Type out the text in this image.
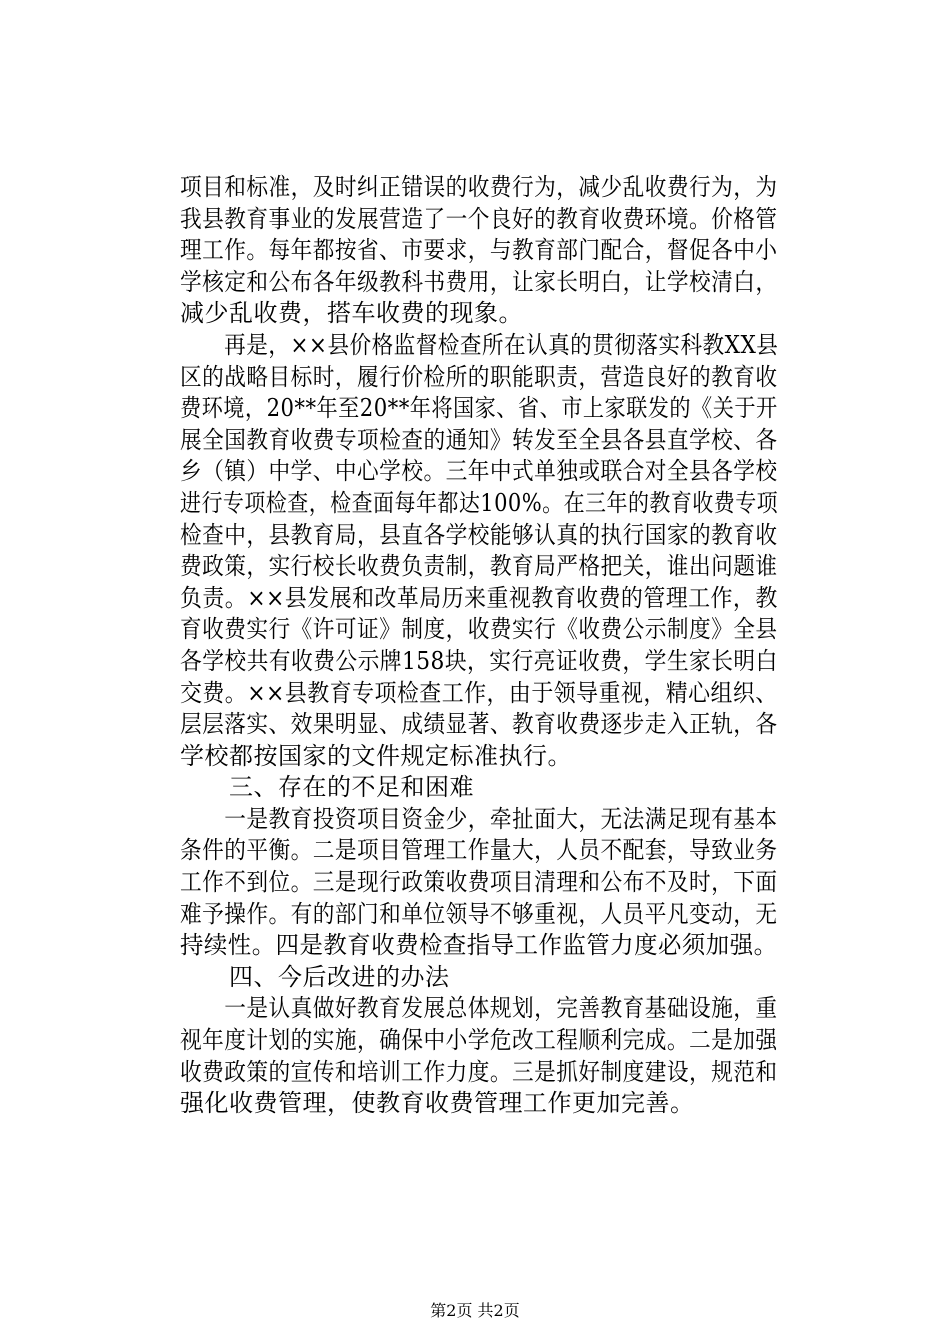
项目和标准，及时纠正错误的收费行为，减少乱收费行为，为
我县教育事业的发展营造了一个良好的教育收费环境。价格管
理工作。每年都按省、市要求，与教育部门配合，督促各中小
学核定和公布各年级教科书费用，让家长明白，让学校清白，
减少乱收费，搭车收费的现象。
　　再是，××县价格监督检查所在认真的贯彻落实科教XX县
区的战略目标时，履行价检所的职能职责，营造良好的教育收
费环境，20**年至20**年将国家、省、市上家联发的《关于开
展全国教育收费专项检查的通知》转发至全县各县直学校、各
乡（镇）中学、中心学校。三年中式单独或联合对全县各学校
进行专项检查，检查面每年都达100%。在三年的教育收费专项
检查中，县教育局，县直各学校能够认真的执行国家的教育收
费政策，实行校长收费负责制，教育局严格把关，谁出问题谁
负责。××县发展和改革局历来重视教育收费的管理工作，教
育收费实行《许可证》制度，收费实行《收费公示制度》全县
各学校共有收费公示牌158块，实行亮证收费，学生家长明白
交费。××县教育专项检查工作，由于领导重视，精心组织、
层层落实、效果明显、成绩显著、教育收费逐步走入正轨，各
学校都按国家的文件规定标准执行。
　　三、存在的不足和困难
　　一是教育投资项目资金少，牵扯面大，无法满足现有基本
条件的平衡。二是项目管理工作量大，人员不配套，导致业务
工作不到位。三是现行政策收费项目清理和公布不及时，下面
难予操作。有的部门和单位领导不够重视，人员平凡变动，无
持续性。四是教育收费检查指导工作监管力度必须加强。
　　四、今后改进的办法
　　一是认真做好教育发展总体规划，完善教育基础设施，重
视年度计划的实施，确保中小学危改工程顺利完成。二是加强
收费政策的宣传和培训工作力度。三是抓好制度建设，规范和
强化收费管理，使教育收费管理工作更加完善。
第2页 共2页
